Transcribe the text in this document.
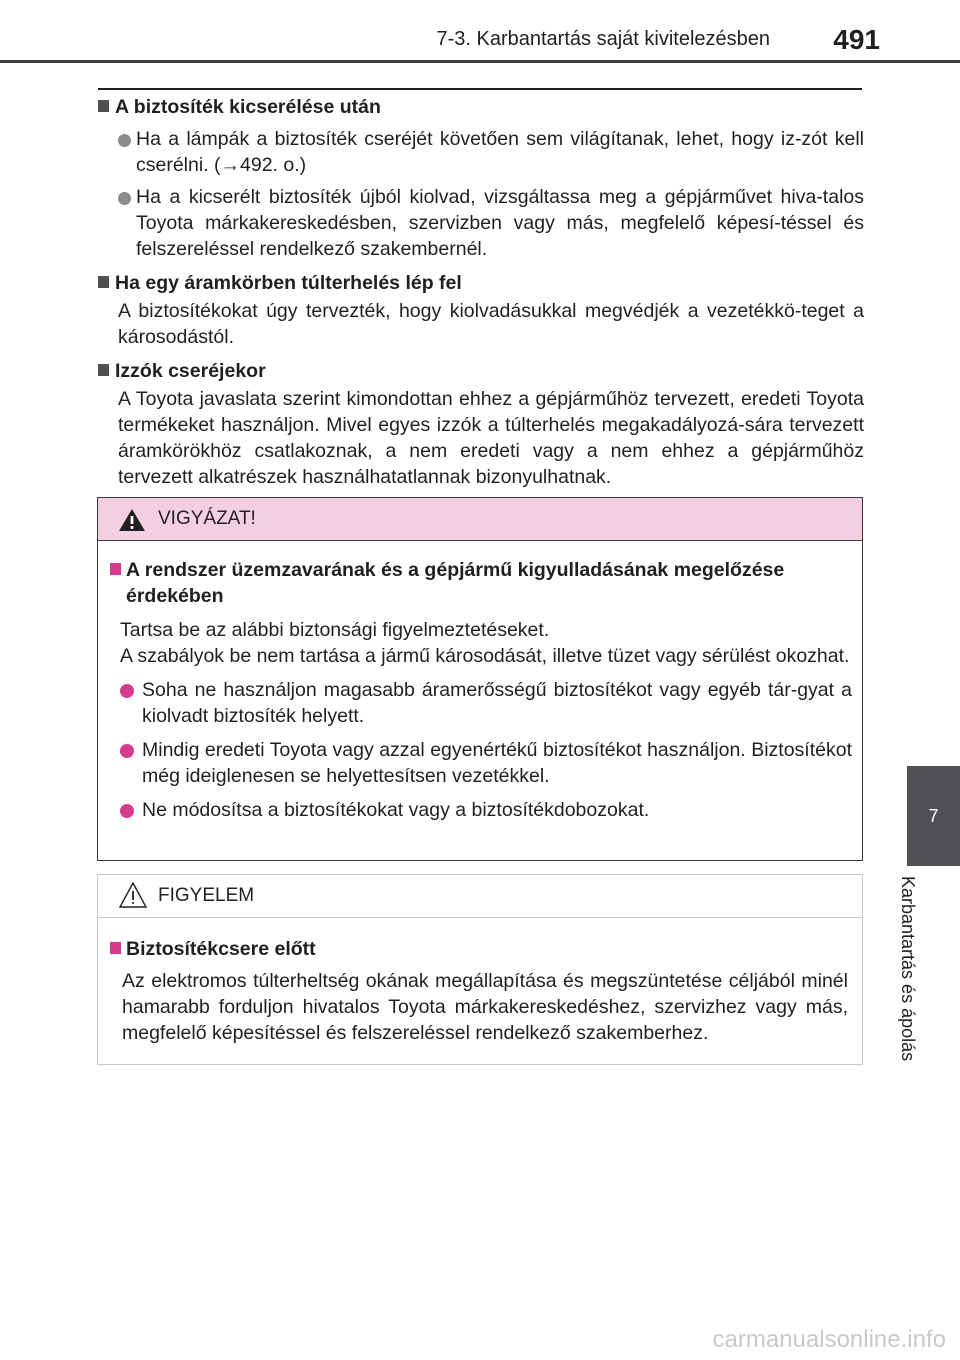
7-3. Karbantartás saját kivitelezésben	491
A biztosíték kicserélése után
Ha a lámpák a biztosíték cseréjét követően sem világítanak, lehet, hogy iz-zót kell cserélni. (→492. o.)
Ha a kicserélt biztosíték újból kiolvad, vizsgáltassa meg a gépjárművet hiva-talos Toyota márkakereskedésben, szervizben vagy más, megfelelő képesí-téssel és felszereléssel rendelkező szakembernél.
Ha egy áramkörben túlterhelés lép fel
A biztosítékokat úgy tervezték, hogy kiolvadásukkal megvédjék a vezetékkö-teget a károsodástól.
Izzók cseréjekor
A Toyota javaslata szerint kimondottan ehhez a gépjárműhöz tervezett, eredeti Toyota termékeket használjon. Mivel egyes izzók a túlterhelés megakadályozá-sára tervezett áramkörökhöz csatlakoznak, a nem eredeti vagy a nem ehhez a gépjárműhöz tervezett alkatrészek használhatatlannak bizonyulhatnak.
VIGYÁZAT!
A rendszer üzemzavarának és a gépjármű kigyulladásának megelőzése érdekében
Tartsa be az alábbi biztonsági figyelmeztetéseket.
A szabályok be nem tartása a jármű károsodását, illetve tüzet vagy sérülést okozhat.
Soha ne használjon magasabb áramerősségű biztosítékot vagy egyéb tár-gyat a kiolvadt biztosíték helyett.
Mindig eredeti Toyota vagy azzal egyenértékű biztosítékot használjon. Biztosítékot még ideiglenesen se helyettesítsen vezetékkel.
Ne módosítsa a biztosítékokat vagy a biztosítékdobozokat.
FIGYELEM
Biztosítékcsere előtt
Az elektromos túlterheltség okának megállapítása és megszüntetése céljából minél hamarabb forduljon hivatalos Toyota márkakereskedéshez, szervizhez vagy más, megfelelő képesítéssel és felszereléssel rendelkező szakemberhez.
7
Karbantartás és ápolás
carmanualsonline.info
